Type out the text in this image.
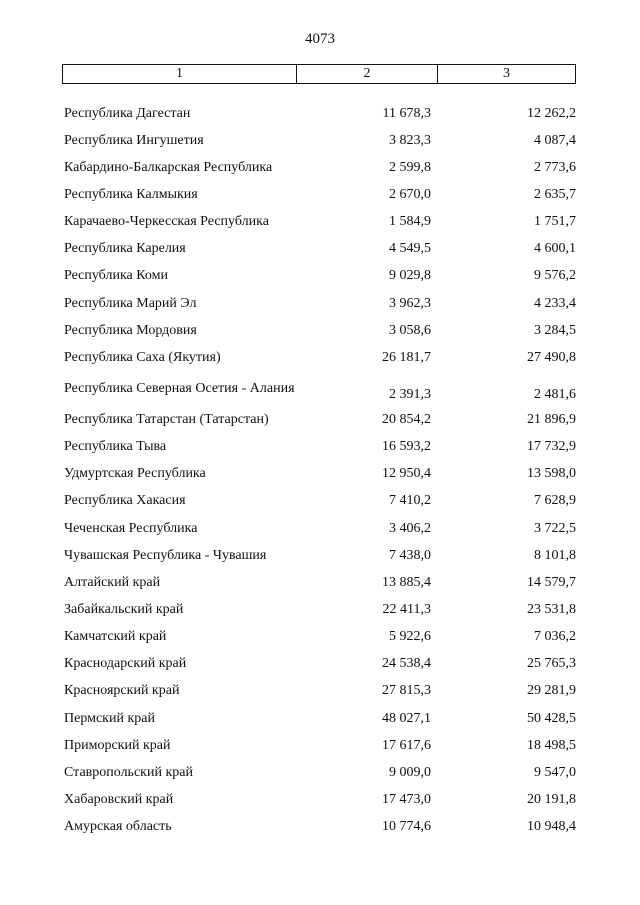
4073
1	2	3
Республика Дагестан	11 678,3	12 262,2
Республика Ингушетия	3 823,3	4 087,4
Кабардино-Балкарская Республика	2 599,8	2 773,6
Республика Калмыкия	2 670,0	2 635,7
Карачаево-Черкесская Республика	1 584,9	1 751,7
Республика Карелия	4 549,5	4 600,1
Республика Коми	9 029,8	9 576,2
Республика Марий Эл	3 962,3	4 233,4
Республика Мордовия	3 058,6	3 284,5
Республика Саха (Якутия)	26 181,7	27 490,8
Республика Северная Осетия - Алания	2 391,3	2 481,6
Республика Татарстан (Татарстан)	20 854,2	21 896,9
Республика Тыва	16 593,2	17 732,9
Удмуртская Республика	12 950,4	13 598,0
Республика Хакасия	7 410,2	7 628,9
Чеченская Республика	3 406,2	3 722,5
Чувашская Республика - Чувашия	7 438,0	8 101,8
Алтайский край	13 885,4	14 579,7
Забайкальский край	22 411,3	23 531,8
Камчатский край	5 922,6	7 036,2
Краснодарский край	24 538,4	25 765,3
Красноярский край	27 815,3	29 281,9
Пермский край	48 027,1	50 428,5
Приморский край	17 617,6	18 498,5
Ставропольский край	9 009,0	9 547,0
Хабаровский край	17 473,0	20 191,8
Амурская область	10 774,6	10 948,4
